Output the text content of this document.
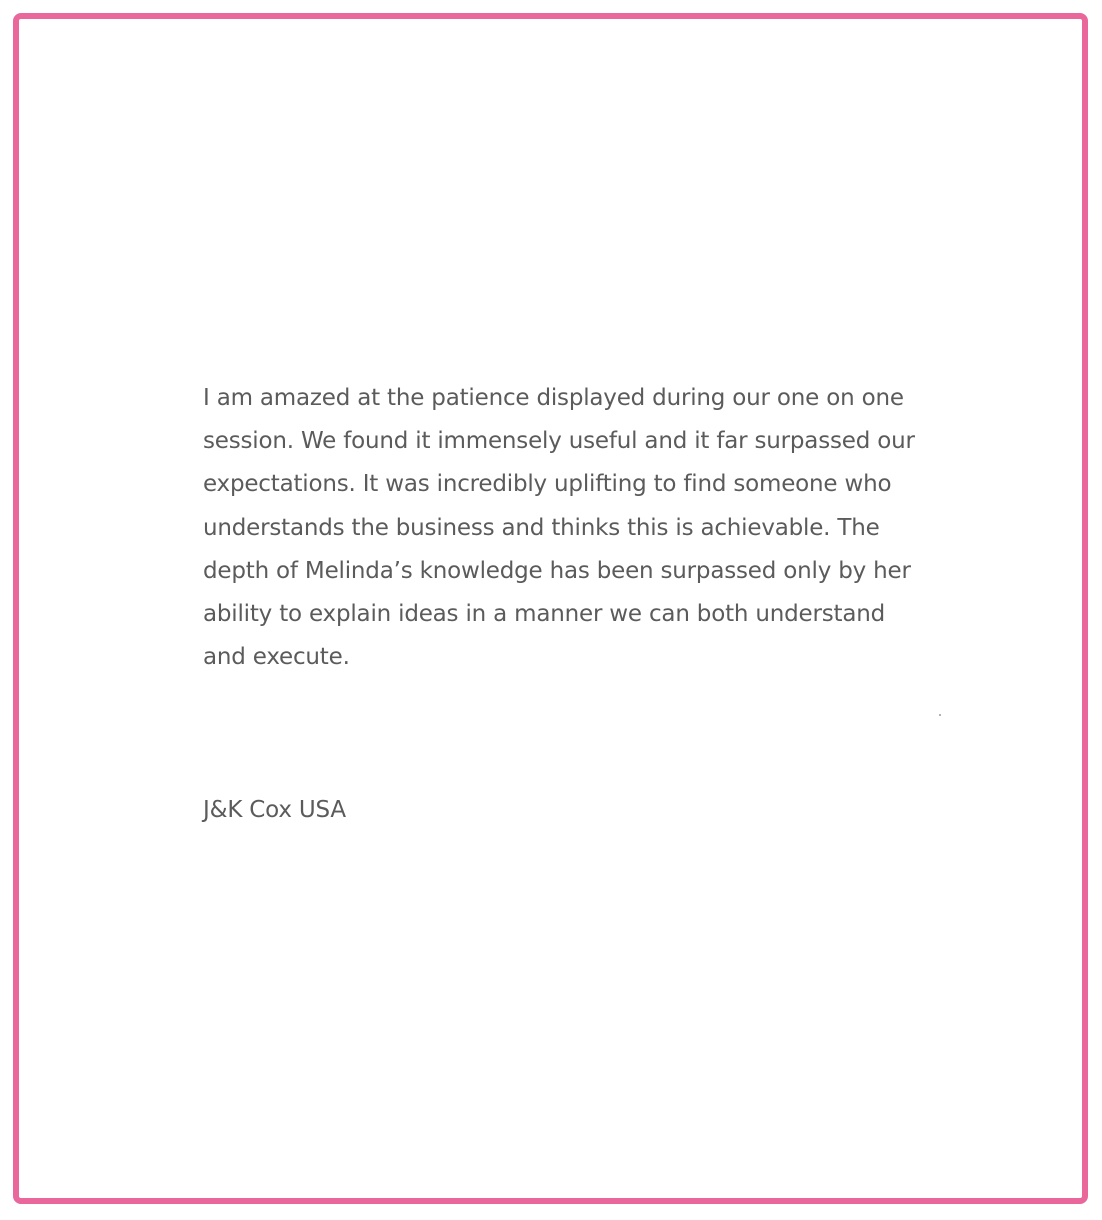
I am amazed at the patience displayed during our one on one session. We found it immensely useful and it far surpassed our expectations. It was incredibly uplifting to find someone who understands the business and thinks this is achievable. The depth of Melinda’s knowledge has been surpassed only by her ability to explain ideas in a manner we can both understand and execute.

J&K Cox USA
